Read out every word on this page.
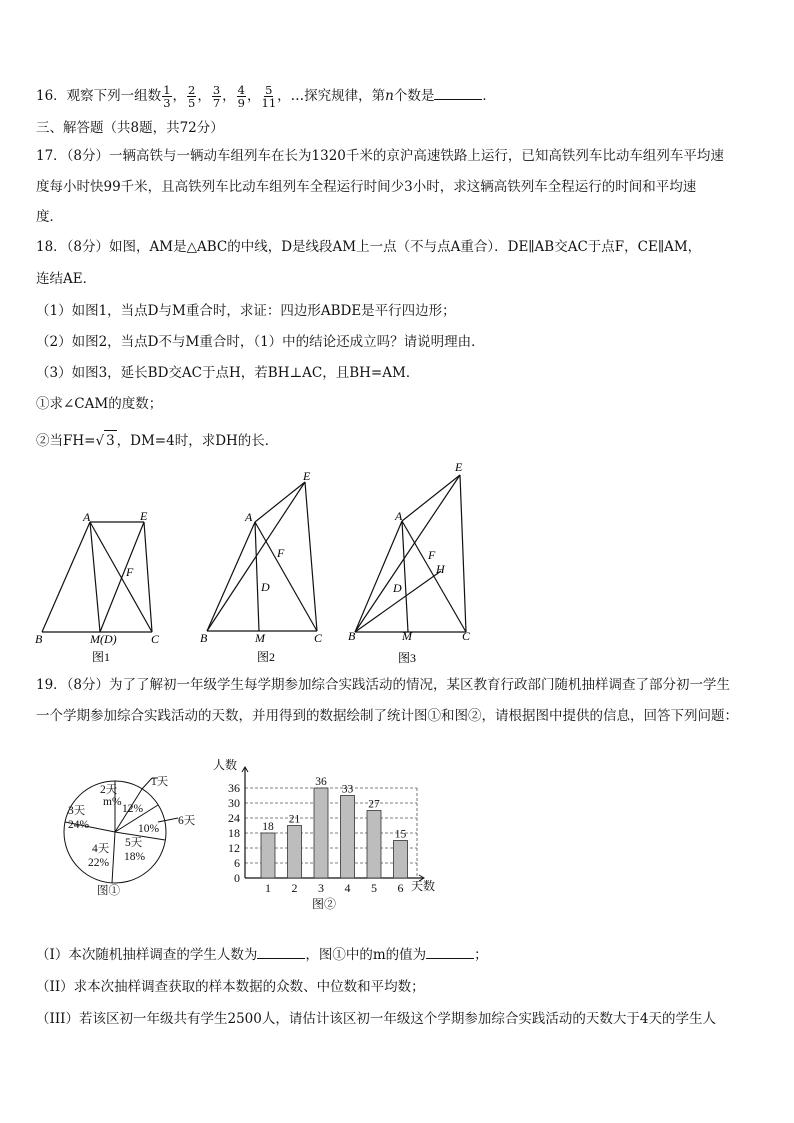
16．观察下列一组数 $\frac{1}{3}$ ， $\frac{2}{5}$ ， $\frac{3}{7}$ ， $\frac{4}{9}$ ， $\frac{5}{11}$ ，…探究规律，第n个数是	．
三、解答题（共8题，共72分）
17．（8分）一辆高铁与一辆动车组列车在长为1320千米的京沪高速铁路上运行，已知高铁列车比动车组列车平均速
度每小时快99千米，且高铁列车比动车组列车全程运行时间少3小时，求这辆高铁列车全程运行的时间和平均速
度．
18．（8分）如图，AM是△ABC的中线，D是线段AM上一点（不与点A重合）．DE∥AB交AC于点F，CE∥AM，
连结AE．
（1）如图1，当点D与M重合时，求证：四边形ABDE是平行四边形；
（2）如图2，当点D不与M重合时，（1）中的结论还成立吗？请说明理由．
（3）如图3，延长BD交AC于点H，若BH⊥AC，且BH=AM．
①求∠CAM的度数；
②当FH=√ 3 ，DM=4时，求DH的长．
A	E
F
B	M(D)	C
图1
A
E
F
D
B	M	C
图2
A
E
F
H
D
B	M	C
图3
19．（8分）为了了解初一年级学生每学期参加综合实践活动的情况，某区教育行政部门随机抽样调查了部分初一学生
一个学期参加综合实践活动的天数，并用得到的数据绘制了统计图①和图②，请根据图中提供的信息，回答下列问题：
2天
m%
1天
12%
3天
24%	6天
10%
4天
22%
5天
18%
图①
人数
天数
图②
0
6
12
18
24
30
36
18
1
21
2
36
3
33
4
27
5
15
6
（I）本次随机抽样调查的学生人数为	，图①中的m的值为	；
（II）求本次抽样调查获取的样本数据的众数、中位数和平均数；
（III）若该区初一年级共有学生2500人，请估计该区初一年级这个学期参加综合实践活动的天数大于4天的学生人
